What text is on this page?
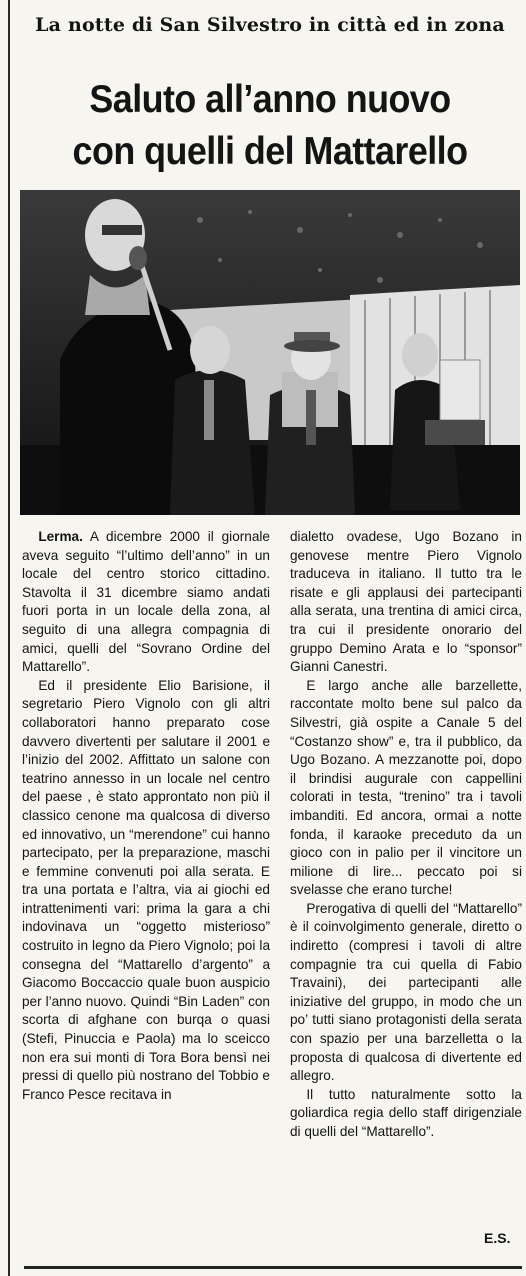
La notte di San Silvestro in città ed in zona
Saluto all’anno nuovo
con quelli del Mattarello

Lerma. A dicembre 2000 il giornale aveva seguito “l’ultimo dell’anno” in un locale del centro storico cittadino. Stavolta il 31 dicembre siamo andati fuori porta in un locale della zona, al seguito di una allegra compagnia di amici, quelli del “Sovrano Ordine del Mattarello”.

Ed il presidente Elio Barisione, il segretario Piero Vignolo con gli altri collaboratori hanno preparato cose davvero divertenti per salutare il 2001 e l’inizio del 2002. Affittato un salone con teatrino annesso in un locale nel centro del paese , è stato approntato non più il classico cenone ma qualcosa di diverso ed innovativo, un “merendone” cui hanno partecipato, per la preparazione, maschi e femmine convenuti poi alla serata. E tra una portata e l’altra, via ai giochi ed intrattenimenti vari: prima la gara a chi indovinava un “oggetto misterioso” costruito in legno da Piero Vignolo; poi la consegna del “Mattarello d’argento” a Giacomo Boccaccio quale buon auspicio per l’anno nuovo. Quindi “Bin Laden” con scorta di afghane con burqa o quasi (Stefi, Pinuccia e Paola) ma lo sceicco non era sui monti di Tora Bora bensì nei pressi di quello più nostrano del Tobbio e Franco Pesce recitava in

dialetto ovadese, Ugo Bozano in genovese mentre Piero Vignolo traduceva in italiano. Il tutto tra le risate e gli applausi dei partecipanti alla serata, una trentina di amici circa, tra cui il presidente onorario del gruppo Demino Arata e lo “sponsor” Gianni Canestri.

E largo anche alle barzellette, raccontate molto bene sul palco da Silvestri, già ospite a Canale 5 del “Costanzo show” e, tra il pubblico, da Ugo Bozano. A mezzanotte poi, dopo il brindisi augurale con cappellini colorati in testa, “trenino” tra i tavoli imbanditi. Ed ancora, ormai a notte fonda, il karaoke preceduto da un gioco con in palio per il vincitore un milione di lire... peccato poi si svelasse che erano turche!

Prerogativa di quelli del “Mattarello” è il coinvolgimento generale, diretto o indiretto (compresi i tavoli di altre compagnie tra cui quella di Fabio Travaini), dei partecipanti alle iniziative del gruppo, in modo che un po’ tutti siano protagonisti della serata con spazio per una barzelletta o la proposta di qualcosa di divertente ed allegro.

Il tutto naturalmente sotto la goliardica regia dello staff dirigenziale di quelli del “Mattarello”.

E.S.
